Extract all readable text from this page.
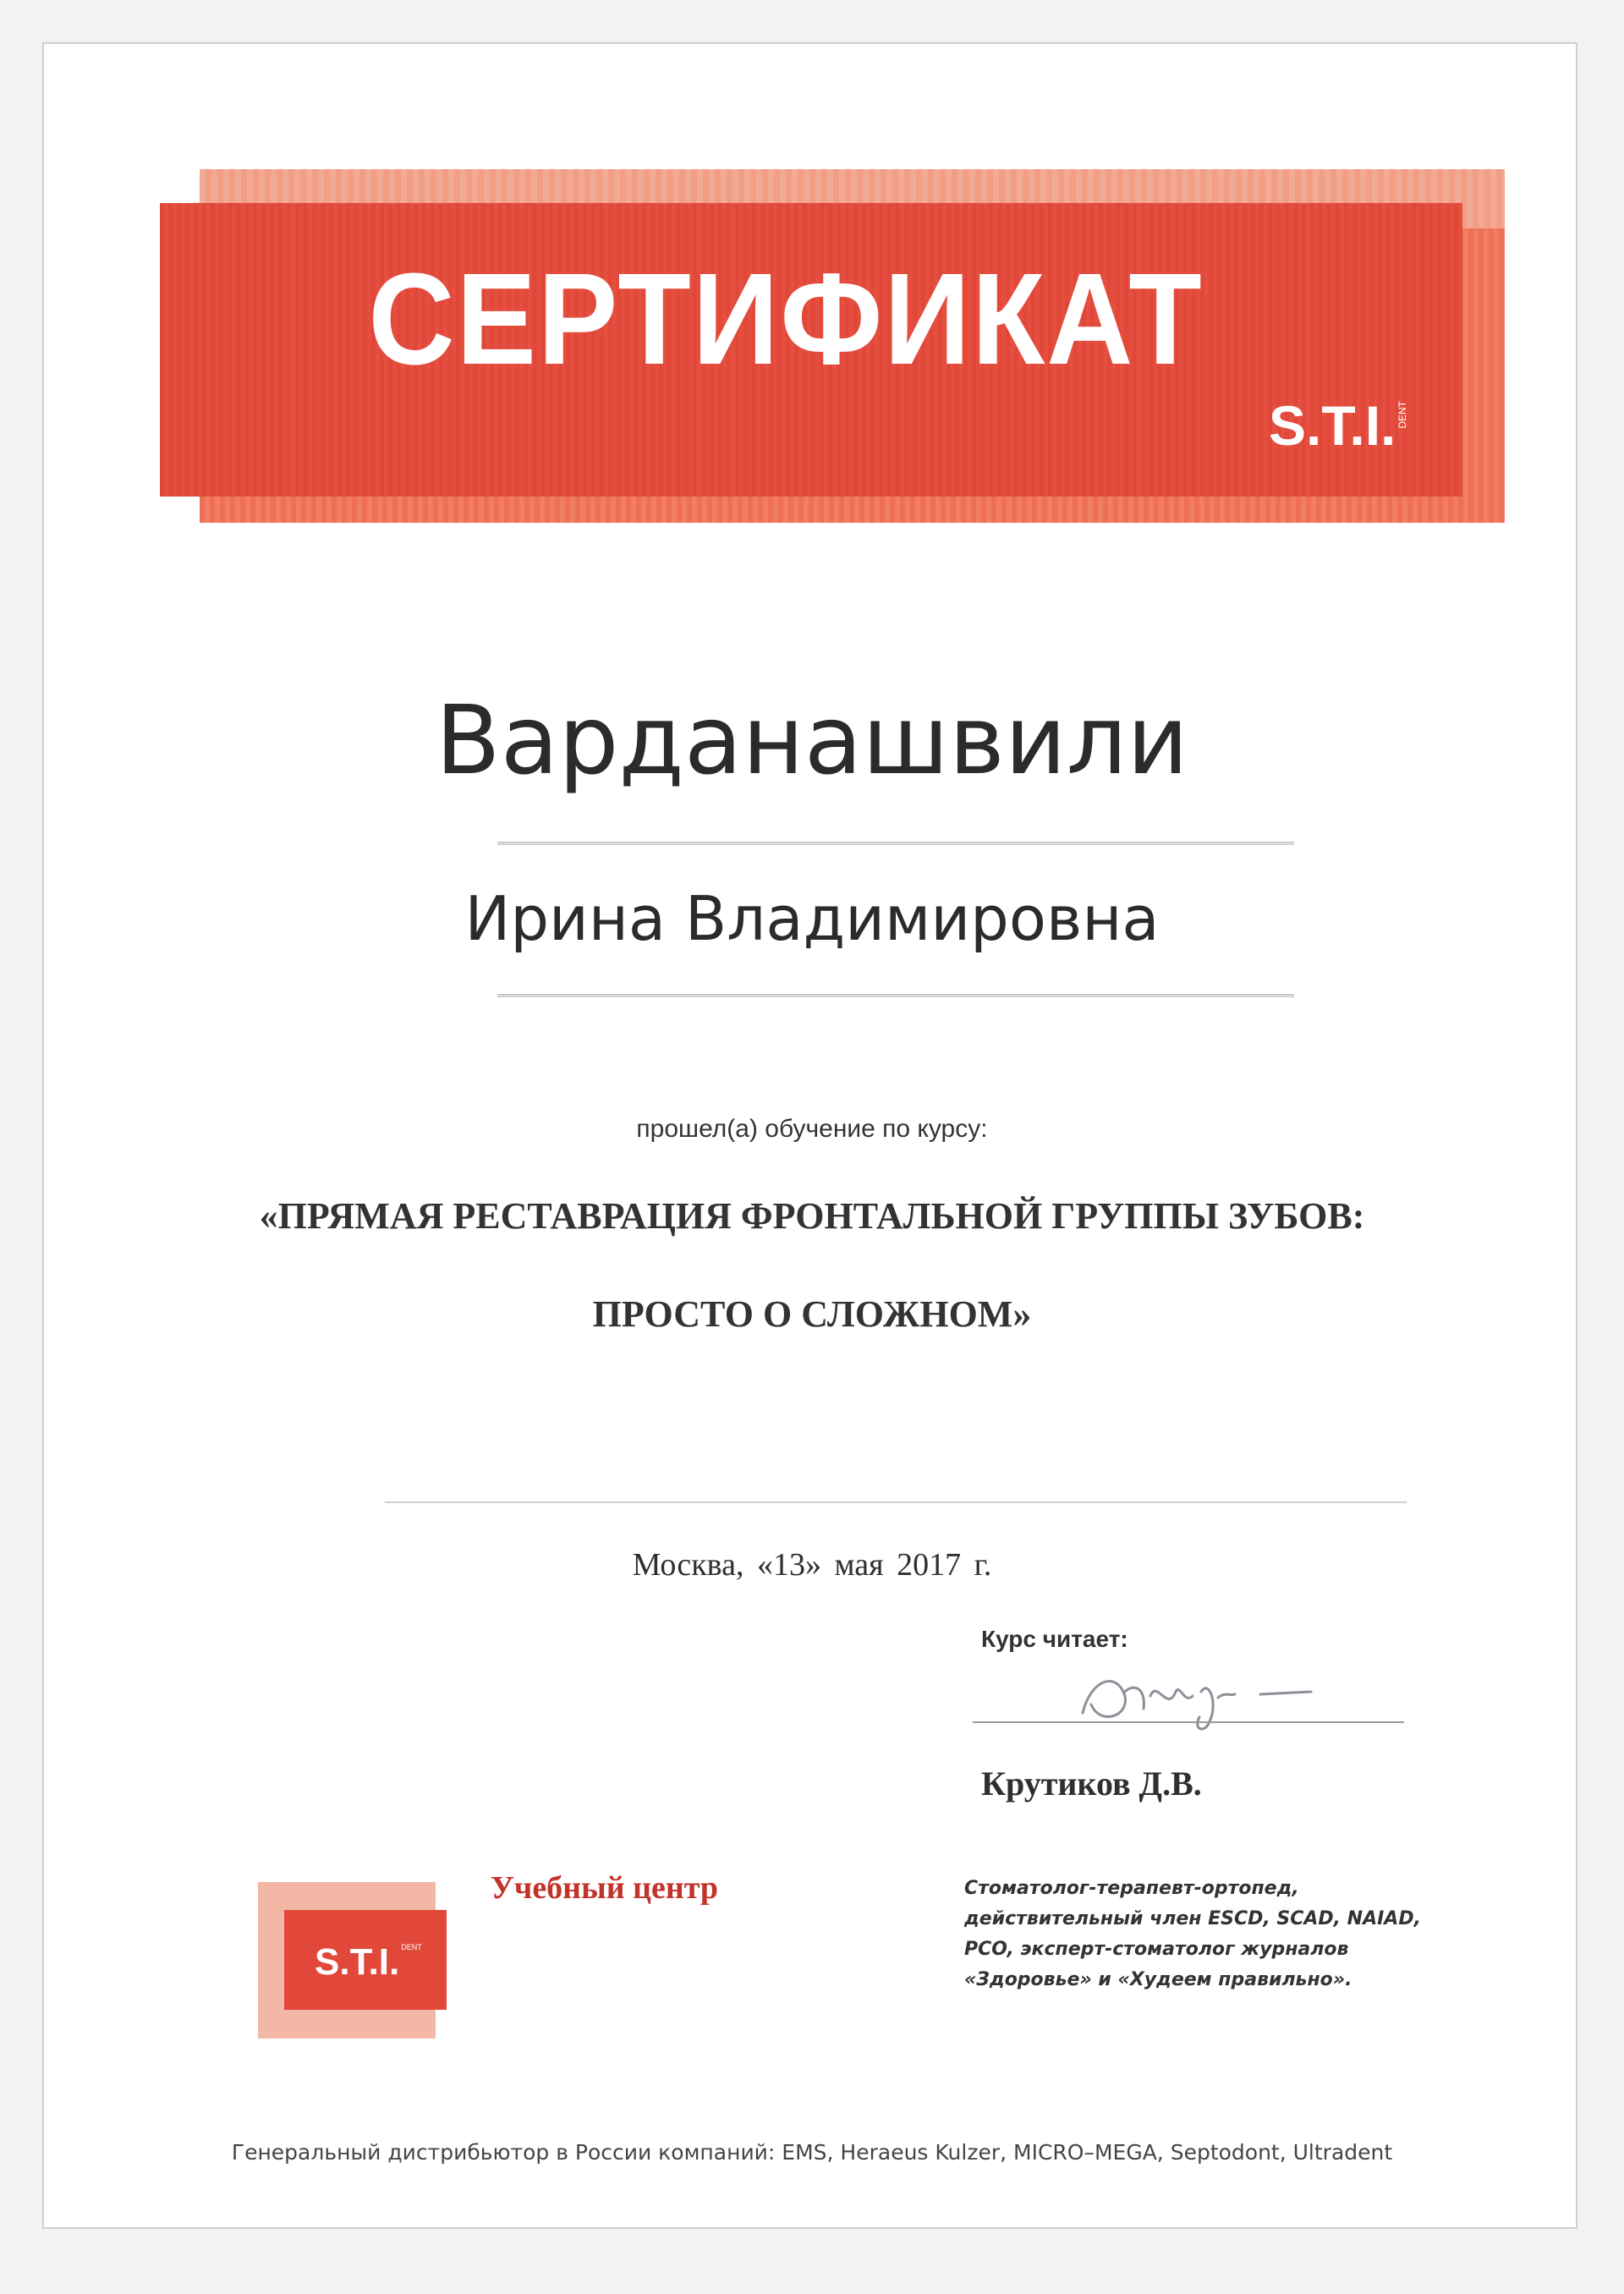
СЕРТИФИКАТ
S.T.I.DENT
Варданашвили
Ирина Владимировна
прошел(а) обучение по курсу:
«ПРЯМАЯ РЕСТАВРАЦИЯ ФРОНТАЛЬНОЙ ГРУППЫ ЗУБОВ:
ПРОСТО О СЛОЖНОМ»
Москва, «13» мая 2017 г.
Курс читает:
Крутиков Д.В.
S.T.I. $^{DENT}$
Учебный центр	Стоматолог-терапевт-ортопед,
действительный член ESCD, SCAD, NAIAD,
PCO, эксперт-стоматолог журналов
«Здоровье» и «Худеем правильно».
Генеральный дистрибьютор в России компаний: EMS, Heraeus Kulzer, MICRO–MEGA, Septodont, Ultradent
